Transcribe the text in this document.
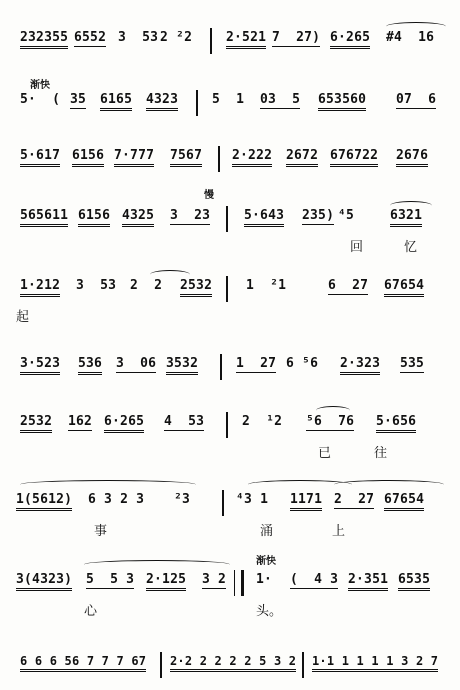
232355 6552 3  53 2 ²2	2·521 7  27) 6·265 #4  16
渐快
5·  ( 35 6165 4323	5  1 03  5 653560 07  6
5·617 6156 7·777 7567 2·222 2672 676722 2676
慢
565611 6156 4325 3  23	5·643 235) ⁴5	6321
回	忆
1·212 3  53 2  2 2532	1  ²1	6  27 67654
起
3·523 536 3  06 3532	1  27 6 ⁵6 2·323 535
2532 162 6·265 4  53	2  ¹2 ⁵6  76 5·656
已	往
1(5612) 6 3 2 3 ²3	⁴3 1 1171 2  27 67654
事	涌	上
渐快
3(4323) 5  5 3 2·125 3 2 1· (  4 3 2·351 6535
心	头。
6 6 6 56 7 7 7 67 2·2 2 2 2 2 5 3 2 1·1 1 1 1 1 3 2 7
